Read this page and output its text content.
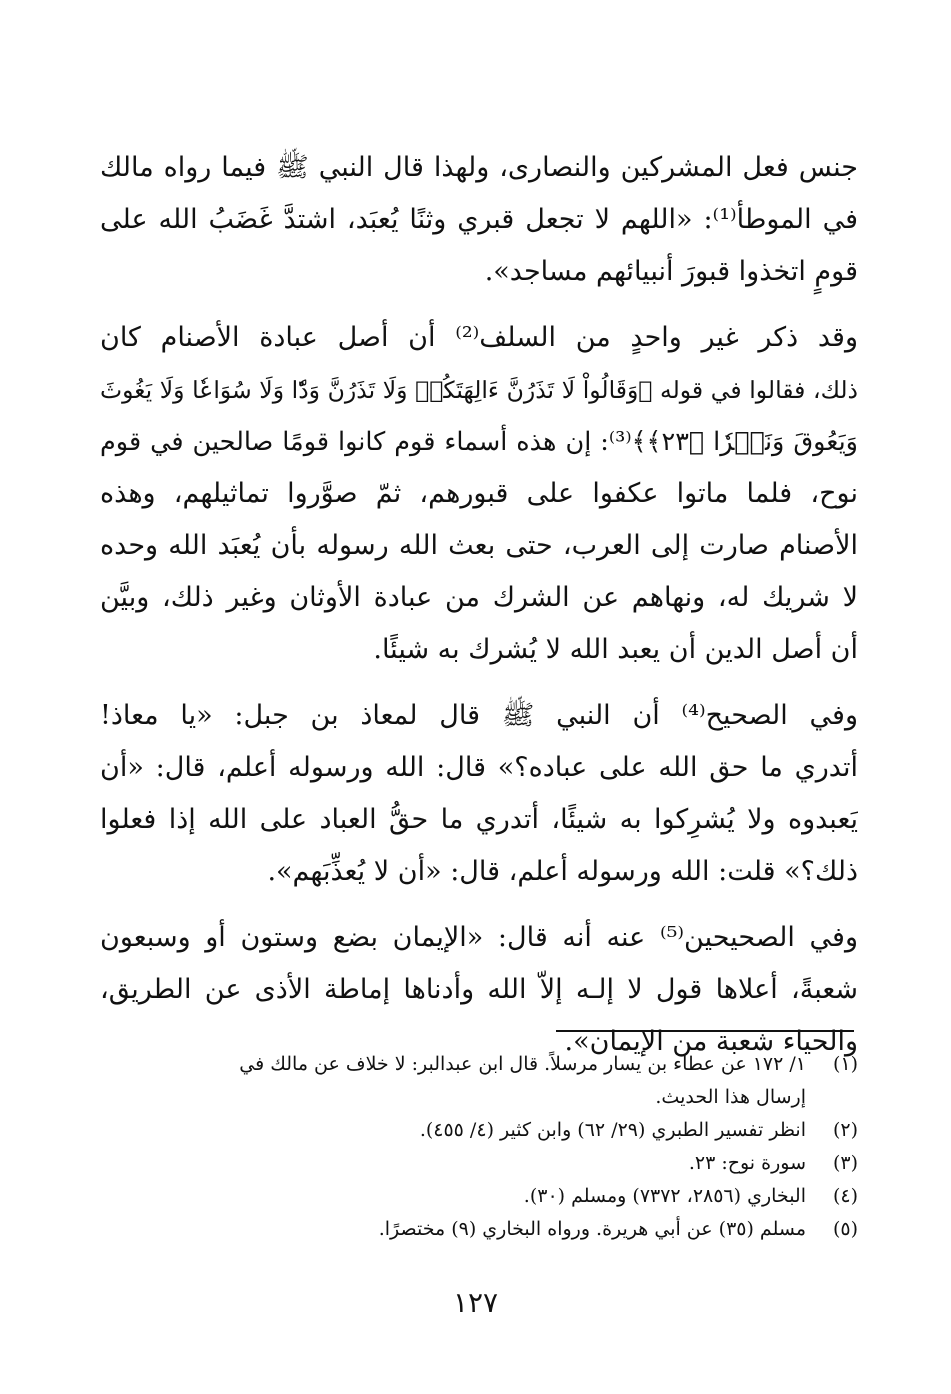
جنس فعل المشركين والنصارى، ولهذا قال النبي ﷺ فيما رواه مالك
في الموطأ⁽¹⁾: «اللهم لا تجعل قبري وثنًا يُعبَد، اشتدَّ غَضَبُ الله على
قومٍ اتخذوا قبورَ أنبيائهم مساجد».
وقد ذكر غير واحدٍ من السلف⁽²⁾ أن أصل عبادة الأصنام كان
ذلك، فقالوا في قوله ﴿وَقَالُواْ لَا تَذَرُنَّ ءَالِهَتَكُمۡ وَلَا تَذَرُنَّ وَدّٗا وَلَا سُوَاعٗا وَلَا يَغُوثَ
وَيَعُوقَ وَنَسۡرٗا ﴿٢٣﴾﴾⁽³⁾: إن هذه أسماء قوم كانوا قومًا صالحين في قوم
نوح، فلما ماتوا عكفوا على قبورهم، ثمّ صوَّروا تماثيلهم، وهذه
الأصنام صارت إلى العرب، حتى بعث الله رسوله بأن يُعبَد الله وحده
لا شريك له، ونهاهم عن الشرك من عبادة الأوثان وغير ذلك، وبيَّن
أن أصل الدين أن يعبد الله لا يُشرك به شيئًا.
وفي الصحيح⁽⁴⁾ أن النبي ﷺ قال لمعاذ بن جبل: «يا معاذ!
أتدري ما حق الله على عباده؟» قال: الله ورسوله أعلم، قال: «أن
يَعبدوه ولا يُشرِكوا به شيئًا، أتدري ما حقُّ العباد على الله إذا فعلوا
ذلك؟» قلت: الله ورسوله أعلم، قال: «أن لا يُعذِّبَهم».
وفي الصحيحين⁽⁵⁾ عنه أنه قال: «الإيمان بضع وستون أو وسبعون
شعبةً، أعلاها قول لا إلـه إلاّ الله وأدناها إماطة الأذى عن الطريق،
والحياء شعبة من الإيمان».
(١)
١/ ١٧٢ عن عطاء بن يسار مرسلاً. قال ابن عبدالبر: لا خلاف عن مالك في
إرسال هذا الحديث.
(٢)
انظر تفسير الطبري (٢٩/ ٦٢) وابن كثير (٤/ ٤٥٥).
(٣)
سورة نوح: ٢٣.
(٤)
البخاري (٢٨٥٦، ٧٣٧٢) ومسلم (٣٠).
(٥)
مسلم (٣٥) عن أبي هريرة. ورواه البخاري (٩) مختصرًا.
١٢٧
